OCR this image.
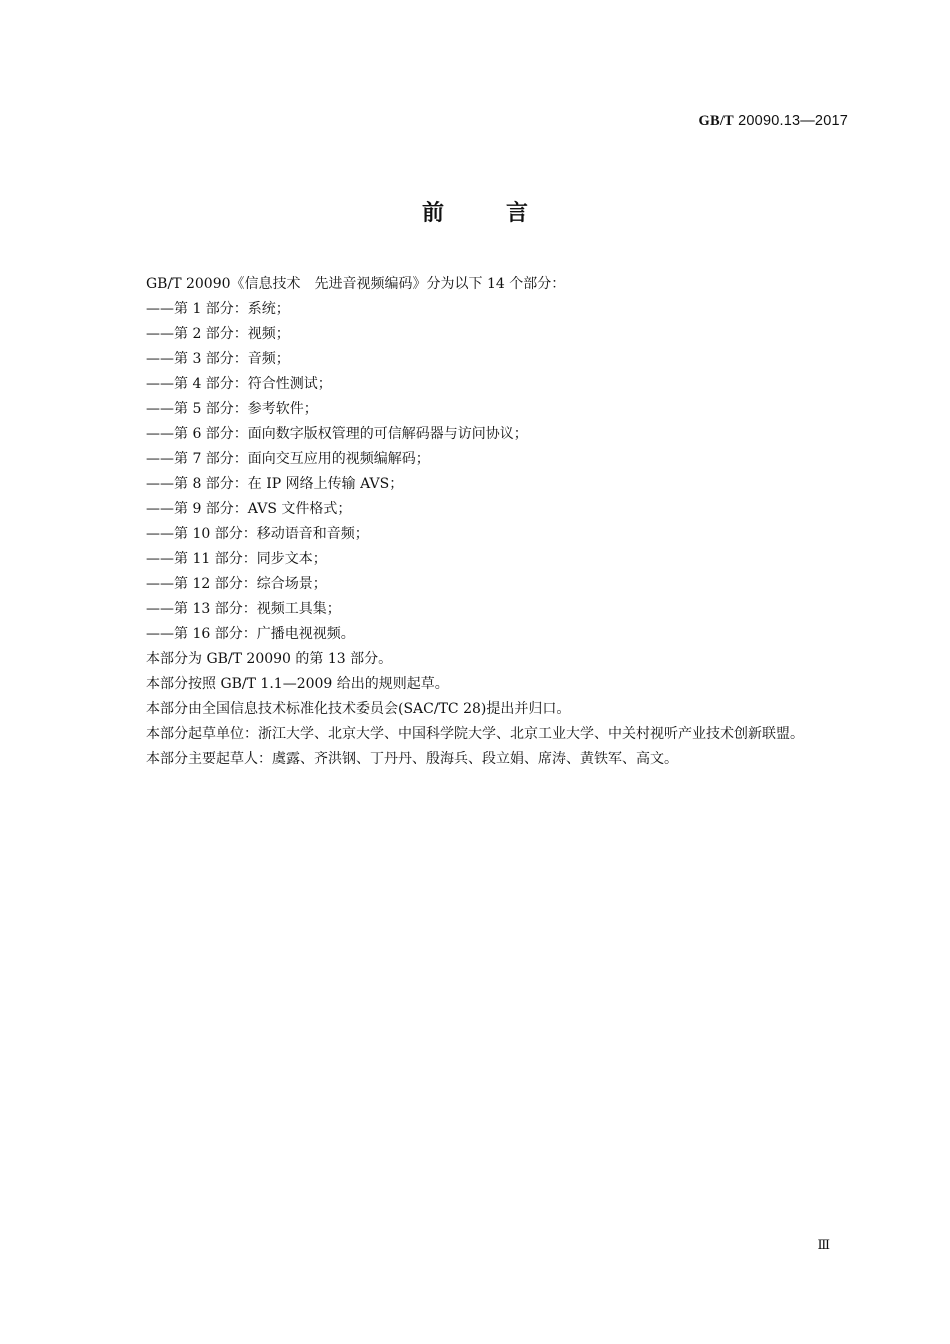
GB/T 20090.13—2017
前言

GB/T 20090《信息技术　先进音视频编码》分为以下 14 个部分：

——第 1 部分：系统；

——第 2 部分：视频；

——第 3 部分：音频；

——第 4 部分：符合性测试；

——第 5 部分：参考软件；

——第 6 部分：面向数字版权管理的可信解码器与访问协议；

——第 7 部分：面向交互应用的视频编解码；

——第 8 部分：在 IP 网络上传输 AVS；

——第 9 部分：AVS 文件格式；

——第 10 部分：移动语音和音频；

——第 11 部分：同步文本；

——第 12 部分：综合场景；

——第 13 部分：视频工具集；

——第 16 部分：广播电视视频。

本部分为 GB/T 20090 的第 13 部分。

本部分按照 GB/T 1.1—2009 给出的规则起草。

本部分由全国信息技术标准化技术委员会(SAC/TC 28)提出并归口。

本部分起草单位：浙江大学、北京大学、中国科学院大学、北京工业大学、中关村视听产业技术创新联盟。

本部分主要起草人：虞露、齐洪钢、丁丹丹、殷海兵、段立娟、席涛、黄铁军、高文。

Ⅲ
